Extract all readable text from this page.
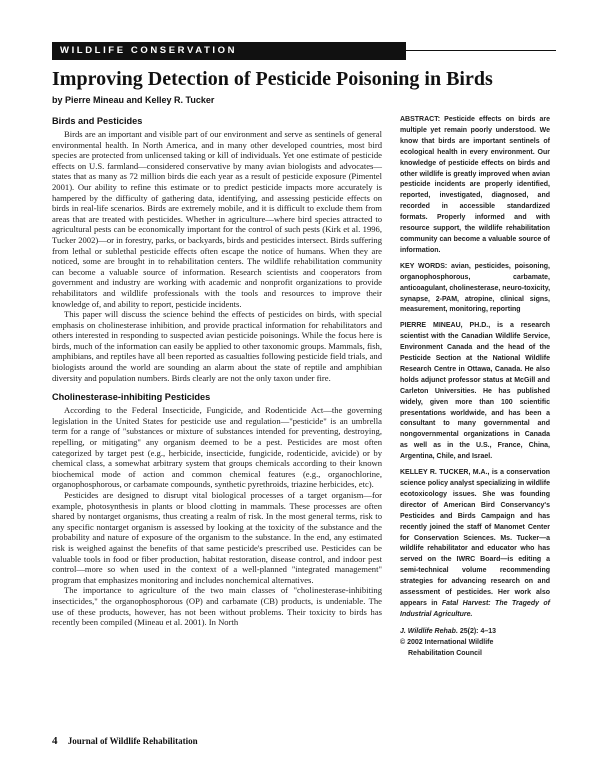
WILDLIFE CONSERVATION
Improving Detection of Pesticide Poisoning in Birds
by Pierre Mineau and Kelley R. Tucker
Birds and Pesticides

Birds are an important and visible part of our environment and serve as sentinels of general environmental health. In North America, and in many other developed countries, most bird species are protected from unlicensed taking or kill of individuals. Yet one estimate of pesticide effects on U.S. farmland—considered conservative by many avian biologists and advocates—states that as many as 72 million birds die each year as a result of pesticide exposure (Pimentel 2001). Our ability to refine this estimate or to predict pesticide impacts more accurately is hampered by the difficulty of gathering data, identifying, and assessing pesticide effects on birds in real-life scenarios. Birds are extremely mobile, and it is difficult to exclude them from areas that are treated with pesticides. Whether in agriculture—where bird species attracted to agricultural pests can be economically important for the control of such pests (Kirk et al. 1996, Tucker 2002)—or in forestry, parks, or backyards, birds and pesticides intersect. Birds suffering from lethal or sublethal pesticide effects often escape the notice of humans. When they are noticed, some are brought in to rehabilitation centers. The wildlife rehabilitation community can become a valuable source of information. Research scientists and cooperators from government and industry are working with academic and nonprofit organizations to provide rehabilitators and wildlife professionals with the tools and resources to improve their knowledge of, and ability to report, pesticide incidents.

This paper will discuss the science behind the effects of pesticides on birds, with special emphasis on cholinesterase inhibition, and provide practical information for rehabilitators and others interested in responding to suspected avian pesticide poisonings. While the focus here is birds, much of the information can easily be applied to other taxonomic groups. Mammals, fish, amphibians, and reptiles have all been reported as casualties following pesticide field trials, and biologists around the world are sounding an alarm about the state of reptile and amphibian diversity and population numbers. Birds clearly are not the only taxon under fire.

Cholinesterase-inhibiting Pesticides

According to the Federal Insecticide, Fungicide, and Rodenticide Act—the governing legislation in the United States for pesticide use and regulation—"pesticide" is an umbrella term for a range of "substances or mixture of substances intended for preventing, destroying, repelling, or mitigating" any organism deemed to be a pest. Pesticides are most often categorized by target pest (e.g., herbicide, insecticide, fungicide, rodenticide, avicide) or by chemical class, a somewhat arbitrary system that groups chemicals according to their known biochemical mode of action and common chemical features (e.g., organochlorine, organophosphorous, or carbamate compounds, synthetic pyrethroids, triazine herbicides, etc).

Pesticides are designed to disrupt vital biological processes of a target organism—for example, photosynthesis in plants or blood clotting in mammals. These processes are often shared by nontarget organisms, thus creating a realm of risk. In the most general terms, risk to any specific nontarget organism is assessed by looking at the toxicity of the substance and the probability and nature of exposure of the organism to the substance. In the end, any estimated risk is weighed against the benefits of that same pesticide's prescribed use. Pesticides can be valuable tools in food or fiber production, habitat restoration, disease control, and indoor pest control—more so when used in the context of a well-planned "integrated management" program that emphasizes monitoring and includes nonchemical alternatives.

The importance to agriculture of the two main classes of "cholinesterase-inhibiting insecticides," the organophosphorous (OP) and carbamate (CB) products, is undeniable. The use of these products, however, has not been without problems. Their toxicity to birds has recently been compiled (Mineau et al. 2001). In North

ABSTRACT: Pesticide effects on birds are multiple yet remain poorly understood. We know that birds are important sentinels of ecological health in every environment. Our knowledge of pesticide effects on birds and other wildlife is greatly improved when avian pesticide incidents are properly identified, reported, investigated, diagnosed, and recorded in accessible standardized formats. Properly informed and with resource support, the wildlife rehabilitation community can become a valuable source of information.

KEY WORDS: avian, pesticides, poisoning, organophosphorous, carbamate, anticoagulant, cholinesterase, neuro-toxicity, synapse, 2-PAM, atropine, clinical signs, measurement, monitoring, reporting

PIERRE MINEAU, PH.D., is a research scientist with the Canadian Wildlife Service, Environment Canada and the head of the Pesticide Section at the National Wildlife Research Centre in Ottawa, Canada. He also holds adjunct professor status at McGill and Carleton Universities. He has published widely, given more than 100 scientific presentations worldwide, and has been a consultant to many governmental and nongovernmental organizations in Canada as well as in the U.S., France, China, Argentina, Chile, and Israel.

KELLEY R. TUCKER, M.A., is a conservation science policy analyst specializing in wildlife ecotoxicology issues. She was founding director of American Bird Conservancy's Pesticides and Birds Campaign and has recently joined the staff of Manomet Center for Conservation Sciences. Ms. Tucker—a wildlife rehabilitator and educator who has served on the IWRC Board—is editing a semi-technical volume recommending strategies for advancing research on and assessment of pesticides. Her work also appears in Fatal Harvest: The Tragedy of Industrial Agriculture.

J. Wildlife Rehab. 25(2): 4–13
© 2002 International Wildlife
Rehabilitation Council
4 Journal of Wildlife Rehabilitation
